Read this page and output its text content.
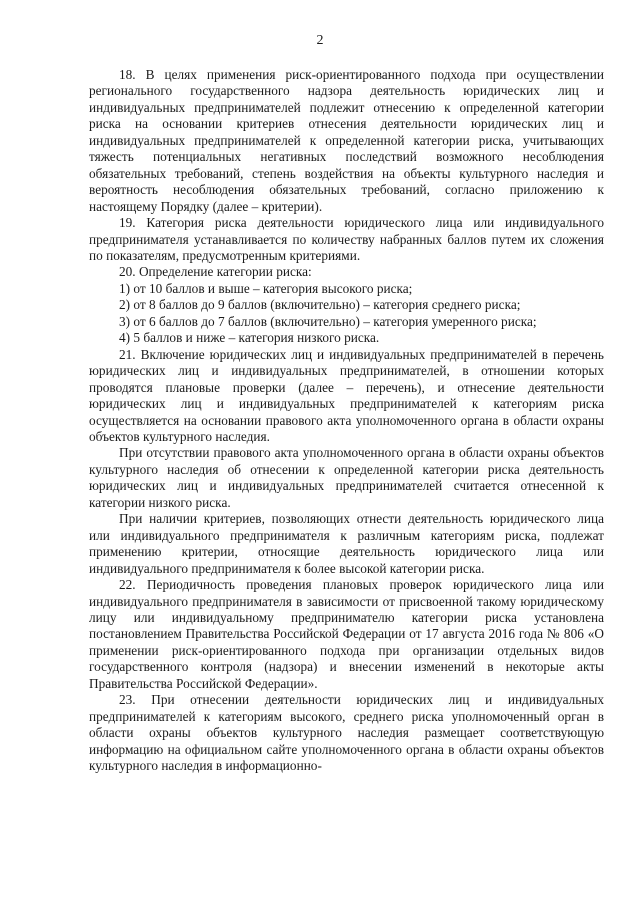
2

18. В целях применения риск-ориентированного подхода при осуществлении регионального государственного надзора деятельность юридических лиц и индивидуальных предпринимателей подлежит отнесению к определенной категории риска на основании критериев отнесения деятельности юридических лиц и индивидуальных предпринимателей к определенной категории риска, учитывающих тяжесть потенциальных негативных последствий возможного несоблюдения обязательных требований, степень воздействия на объекты культурного наследия и вероятность несоблюдения обязательных требований, согласно приложению к настоящему Порядку (далее – критерии).

19. Категория риска деятельности юридического лица или индивидуального предпринимателя устанавливается по количеству набранных баллов путем их сложения по показателям, предусмотренным критериями.

20. Определение категории риска:

1) от 10 баллов и выше – категория высокого риска;

2) от 8 баллов до 9 баллов (включительно) – категория среднего риска;

3) от 6 баллов до 7 баллов (включительно) – категория умеренного риска;

4) 5 баллов и ниже – категория низкого риска.

21. Включение юридических лиц и индивидуальных предпринимателей в перечень юридических лиц и индивидуальных предпринимателей, в отношении которых проводятся плановые проверки (далее – перечень), и отнесение деятельности юридических лиц и индивидуальных предпринимателей к категориям риска осуществляется на основании правового акта уполномоченного органа в области охраны объектов культурного наследия.

При отсутствии правового акта уполномоченного органа в области охраны объектов культурного наследия об отнесении к определенной категории риска деятельность юридических лиц и индивидуальных предпринимателей считается отнесенной к категории низкого риска.

При наличии критериев, позволяющих отнести деятельность юридического лица или индивидуального предпринимателя к различным категориям риска, подлежат применению критерии, относящие деятельность юридического лица или индивидуального предпринимателя к более высокой категории риска.

22. Периодичность проведения плановых проверок юридического лица или индивидуального предпринимателя в зависимости от присвоенной такому юридическому лицу или индивидуальному предпринимателю категории риска установлена постановлением Правительства Российской Федерации от 17 августа 2016 года № 806 «О применении риск-ориентированного подхода при организации отдельных видов государственного контроля (надзора) и внесении изменений в некоторые акты Правительства Российской Федерации».

23. При отнесении деятельности юридических лиц и индивидуальных предпринимателей к категориям высокого, среднего риска уполномоченный орган в области охраны объектов культурного наследия размещает соответствующую информацию на официальном сайте уполномоченного органа в области охраны объектов культурного наследия в информационно-
